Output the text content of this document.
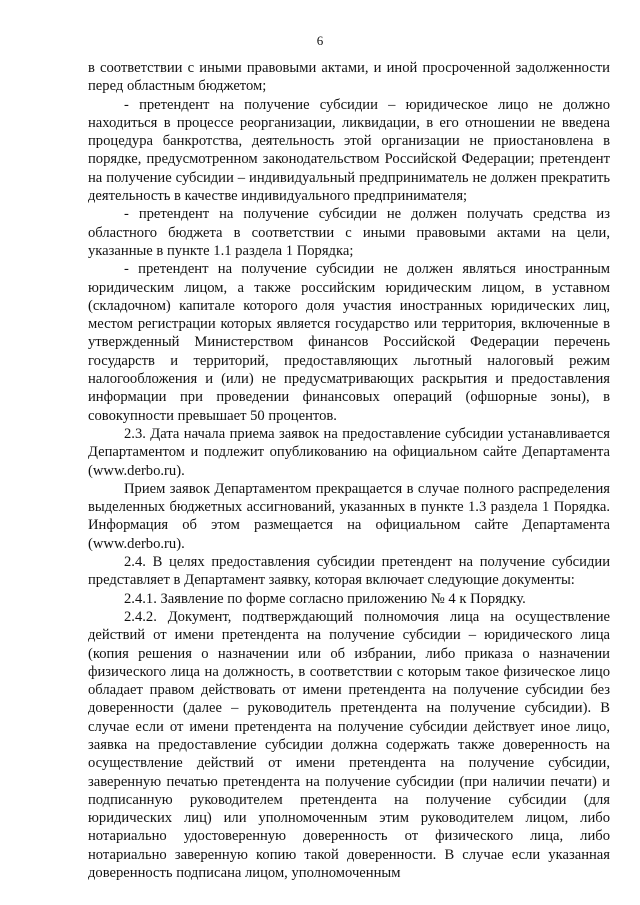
6

в соответствии с иными правовыми актами, и иной просроченной задолженности перед областным бюджетом;

- претендент на получение субсидии – юридическое лицо не должно находиться в процессе реорганизации, ликвидации, в его отношении не введена процедура банкротства, деятельность этой организации не приостановлена в порядке, предусмотренном законодательством Российской Федерации; претендент на получение субсидии – индивидуальный предприниматель не должен прекратить деятельность в качестве индивидуального предпринимателя;

- претендент на получение субсидии не должен получать средства из областного бюджета в соответствии с иными правовыми актами на цели, указанные в пункте 1.1 раздела 1 Порядка;

- претендент на получение субсидии не должен являться иностранным юридическим лицом, а также российским юридическим лицом, в уставном (складочном) капитале которого доля участия иностранных юридических лиц, местом регистрации которых является государство или территория, включенные в утвержденный Министерством финансов Российской Федерации перечень государств и территорий, предоставляющих льготный налоговый режим налогообложения и (или) не предусматривающих раскрытия и предоставления информации при проведении финансовых операций (офшорные зоны), в совокупности превышает 50 процентов.

2.3. Дата начала приема заявок на предоставление субсидии устанавливается Департаментом и подлежит опубликованию на официальном сайте Департамента (www.derbo.ru).

Прием заявок Департаментом прекращается в случае полного распределения выделенных бюджетных ассигнований, указанных в пункте 1.3 раздела 1 Порядка. Информация об этом размещается на официальном сайте Департамента (www.derbo.ru).

2.4. В целях предоставления субсидии претендент на получение субсидии представляет в Департамент заявку, которая включает следующие документы:

2.4.1. Заявление по форме согласно приложению № 4 к Порядку.

2.4.2. Документ, подтверждающий полномочия лица на осуществление действий от имени претендента на получение субсидии – юридического лица (копия решения о назначении или об избрании, либо приказа о назначении физического лица на должность, в соответствии с которым такое физическое лицо обладает правом действовать от имени претендента на получение субсидии без доверенности (далее – руководитель претендента на получение субсидии). В случае если от имени претендента на получение субсидии действует иное лицо, заявка на предоставление субсидии должна содержать также доверенность на осуществление действий от имени претендента на получение субсидии, заверенную печатью претендента на получение субсидии (при наличии печати) и подписанную руководителем претендента на получение субсидии (для юридических лиц) или уполномоченным этим руководителем лицом, либо нотариально удостоверенную доверенность от физического лица, либо нотариально заверенную копию такой доверенности. В случае если указанная доверенность подписана лицом, уполномоченным
